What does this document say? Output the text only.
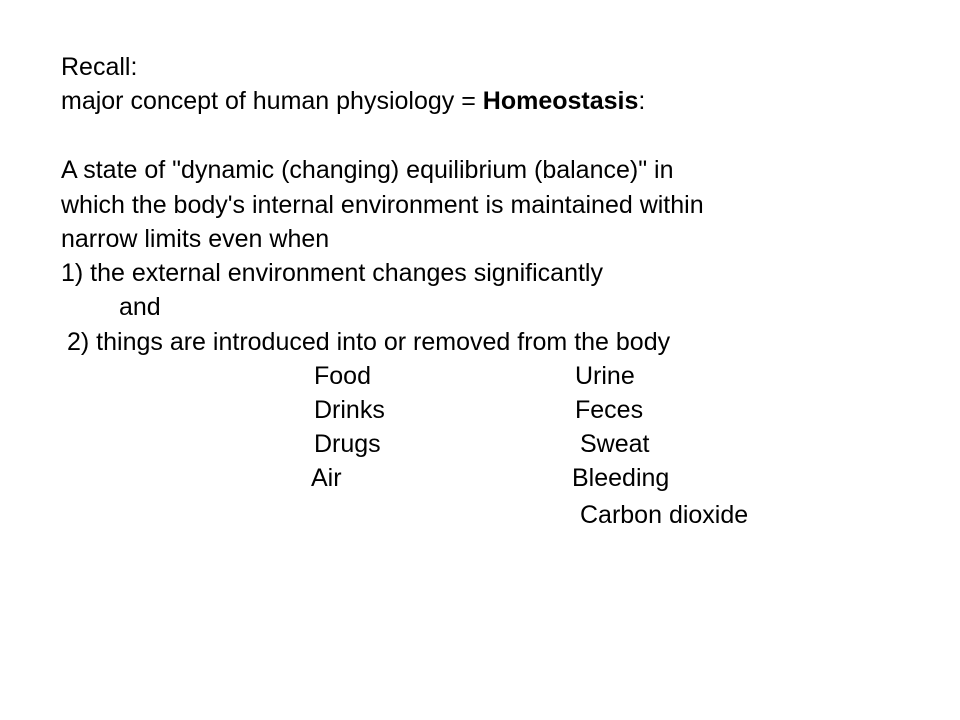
Recall:
major concept of human physiology = Homeostasis:
A state of "dynamic (changing) equilibrium (balance)" in
which the body's internal environment is maintained within
narrow limits even when
1) the external environment changes significantly
and
2) things are introduced into or removed from the body
Food
Drinks
Drugs
Air
Urine
Feces
Sweat
Bleeding
Carbon dioxide
